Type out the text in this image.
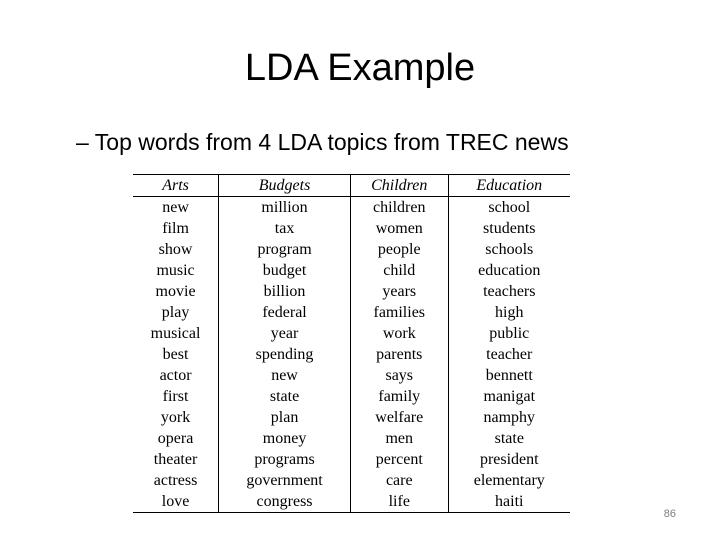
LDA Example
– Top words from 4 LDA topics from TREC news
Arts	Budgets	Children	Education
new	million	children	school
film	tax	women	students
show	program	people	schools
music	budget	child	education
movie	billion	years	teachers
play	federal	families	high
musical	year	work	public
best	spending	parents	teacher
actor	new	says	bennett
first	state	family	manigat
york	plan	welfare	namphy
opera	money	men	state
theater	programs	percent	president
actress	government	care	elementary
love	congress	life	haiti
86
